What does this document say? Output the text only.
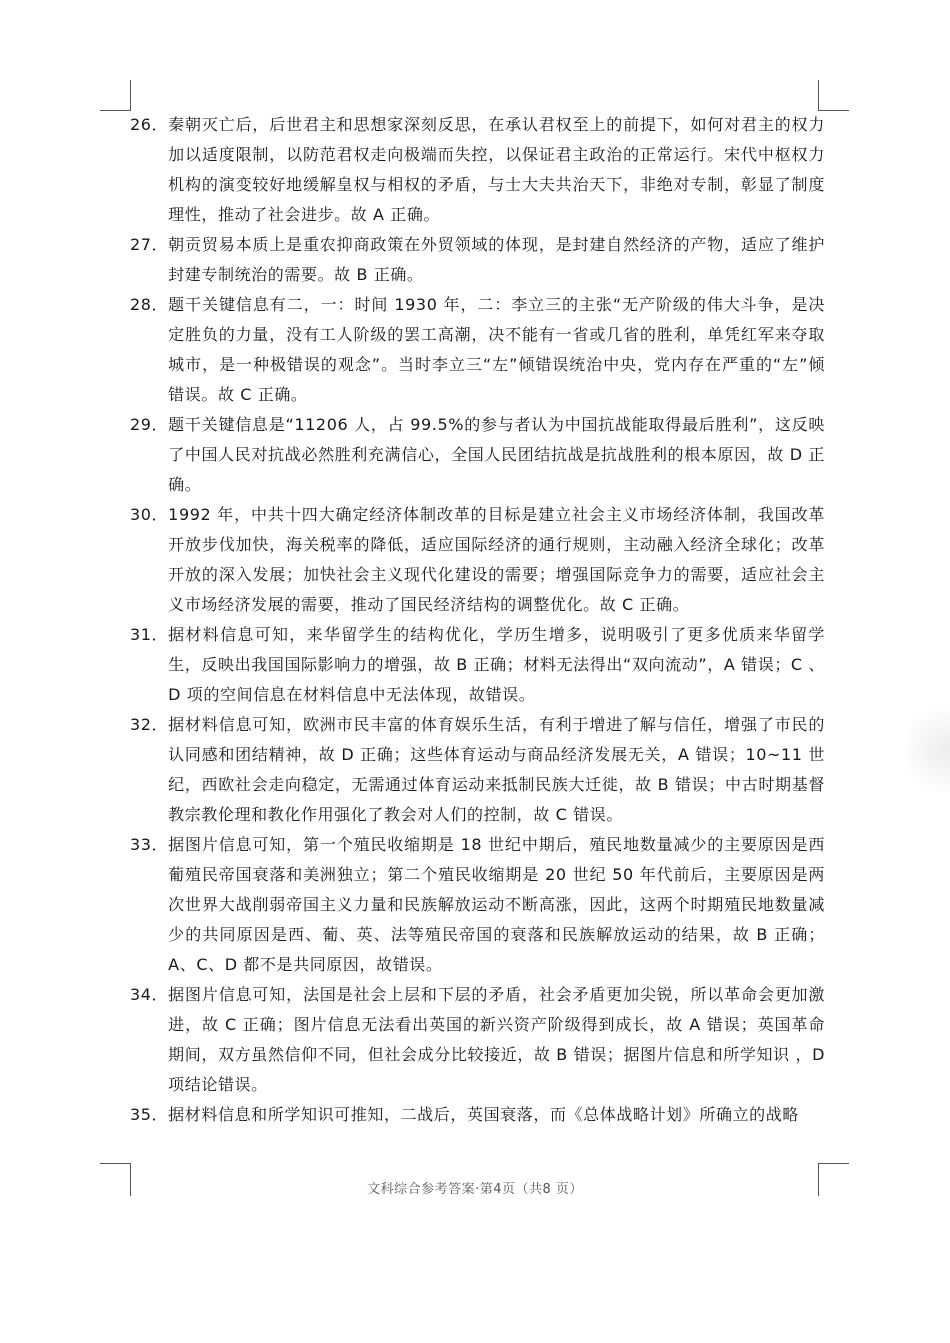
26． 秦朝灭亡后，后世君主和思想家深刻反思，在承认君权至上的前提下，如何对君主的权力加以适度限制，以防范君权走向极端而失控，以保证君主政治的正常运行。宋代中枢权力机构的演变较好地缓解皇权与相权的矛盾，与士大夫共治天下，非绝对专制，彰显了制度理性，推动了社会进步。故 A 正确。
27． 朝贡贸易本质上是重农抑商政策在外贸领域的体现，是封建自然经济的产物，适应了维护封建专制统治的需要。故 B 正确。
28． 题干关键信息有二，一：时间 1930 年，二：李立三的主张“无产阶级的伟大斗争，是决定胜负的力量，没有工人阶级的罢工高潮，决不能有一省或几省的胜利，单凭红军来夺取城市，是一种极错误的观念”。当时李立三“左”倾错误统治中央，党内存在严重的“左”倾错误。故 C 正确。
29． 题干关键信息是“11206 人，占 99.5%的参与者认为中国抗战能取得最后胜利”，这反映了中国人民对抗战必然胜利充满信心，全国人民团结抗战是抗战胜利的根本原因，故 D 正确。
30． 1992 年，中共十四大确定经济体制改革的目标是建立社会主义市场经济体制，我国改革开放步伐加快，海关税率的降低，适应国际经济的通行规则，主动融入经济全球化；改革开放的深入发展；加快社会主义现代化建设的需要；增强国际竞争力的需要，适应社会主义市场经济发展的需要，推动了国民经济结构的调整优化。故 C 正确。
31． 据材料信息可知，来华留学生的结构优化，学历生增多，说明吸引了更多优质来华留学生，反映出我国国际影响力的增强，故 B 正确；材料无法得出“双向流动”，A 错误；C 、D 项的空间信息在材料信息中无法体现，故错误。
32． 据材料信息可知，欧洲市民丰富的体育娱乐生活，有利于增进了解与信任，增强了市民的认同感和团结精神，故 D 正确；这些体育运动与商品经济发展无关，A 错误；10~11 世纪，西欧社会走向稳定，无需通过体育运动来抵制民族大迁徙，故 B 错误；中古时期基督教宗教伦理和教化作用强化了教会对人们的控制，故 C 错误。
33． 据图片信息可知，第一个殖民收缩期是 18 世纪中期后，殖民地数量减少的主要原因是西葡殖民帝国衰落和美洲独立；第二个殖民收缩期是 20 世纪 50 年代前后，主要原因是两次世界大战削弱帝国主义力量和民族解放运动不断高涨，因此，这两个时期殖民地数量减少的共同原因是西、葡、英、法等殖民帝国的衰落和民族解放运动的结果，故 B 正确；A、C、D 都不是共同原因，故错误。
34． 据图片信息可知，法国是社会上层和下层的矛盾，社会矛盾更加尖锐，所以革命会更加激进，故 C 正确；图片信息无法看出英国的新兴资产阶级得到成长，故 A 错误；英国革命期间，双方虽然信仰不同，但社会成分比较接近，故 B 错误；据图片信息和所学知识 ，D 项结论错误。
35． 据材料信息和所学知识可推知，二战后，英国衰落，而《总体战略计划》所确立的战略
文科综合参考答案·第4页（共8 页）
